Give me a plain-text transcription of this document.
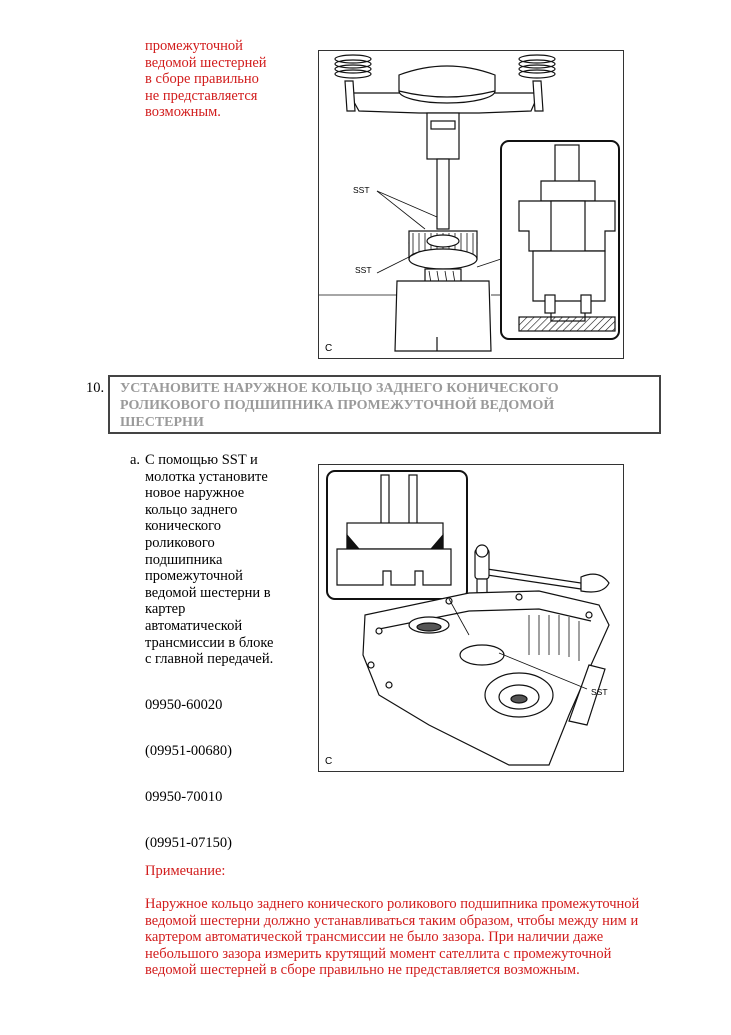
промежуточной
ведомой шестерней
в сборе правильно
не представляется
возможным.
SST
SST
C
10. УСТАНОВИТЕ НАРУЖНОЕ КОЛЬЦО ЗАДНЕГО КОНИЧЕСКОГО РОЛИКОВОГО ПОДШИПНИКА ПРОМЕЖУТОЧНОЙ ВЕДОМОЙ ШЕСТЕРНИ
a. С помощью SST и
молотка установите
новое наружное
кольцо заднего
конического
роликового
подшипника
промежуточной
ведомой шестерни в
картер
автоматической
трансмиссии в блоке
с главной передачей.
09950-60020
(09951-00680)
09950-70010
(09951-07150)
SST
C
Примечание:
Наружное кольцо заднего конического роликового подшипника промежуточной
ведомой шестерни должно устанавливаться таким образом, чтобы между ним и
картером автоматической трансмиссии не было зазора. При наличии даже
небольшого зазора измерить крутящий момент сателлита с промежуточной
ведомой шестерней в сборе правильно не представляется возможным.
